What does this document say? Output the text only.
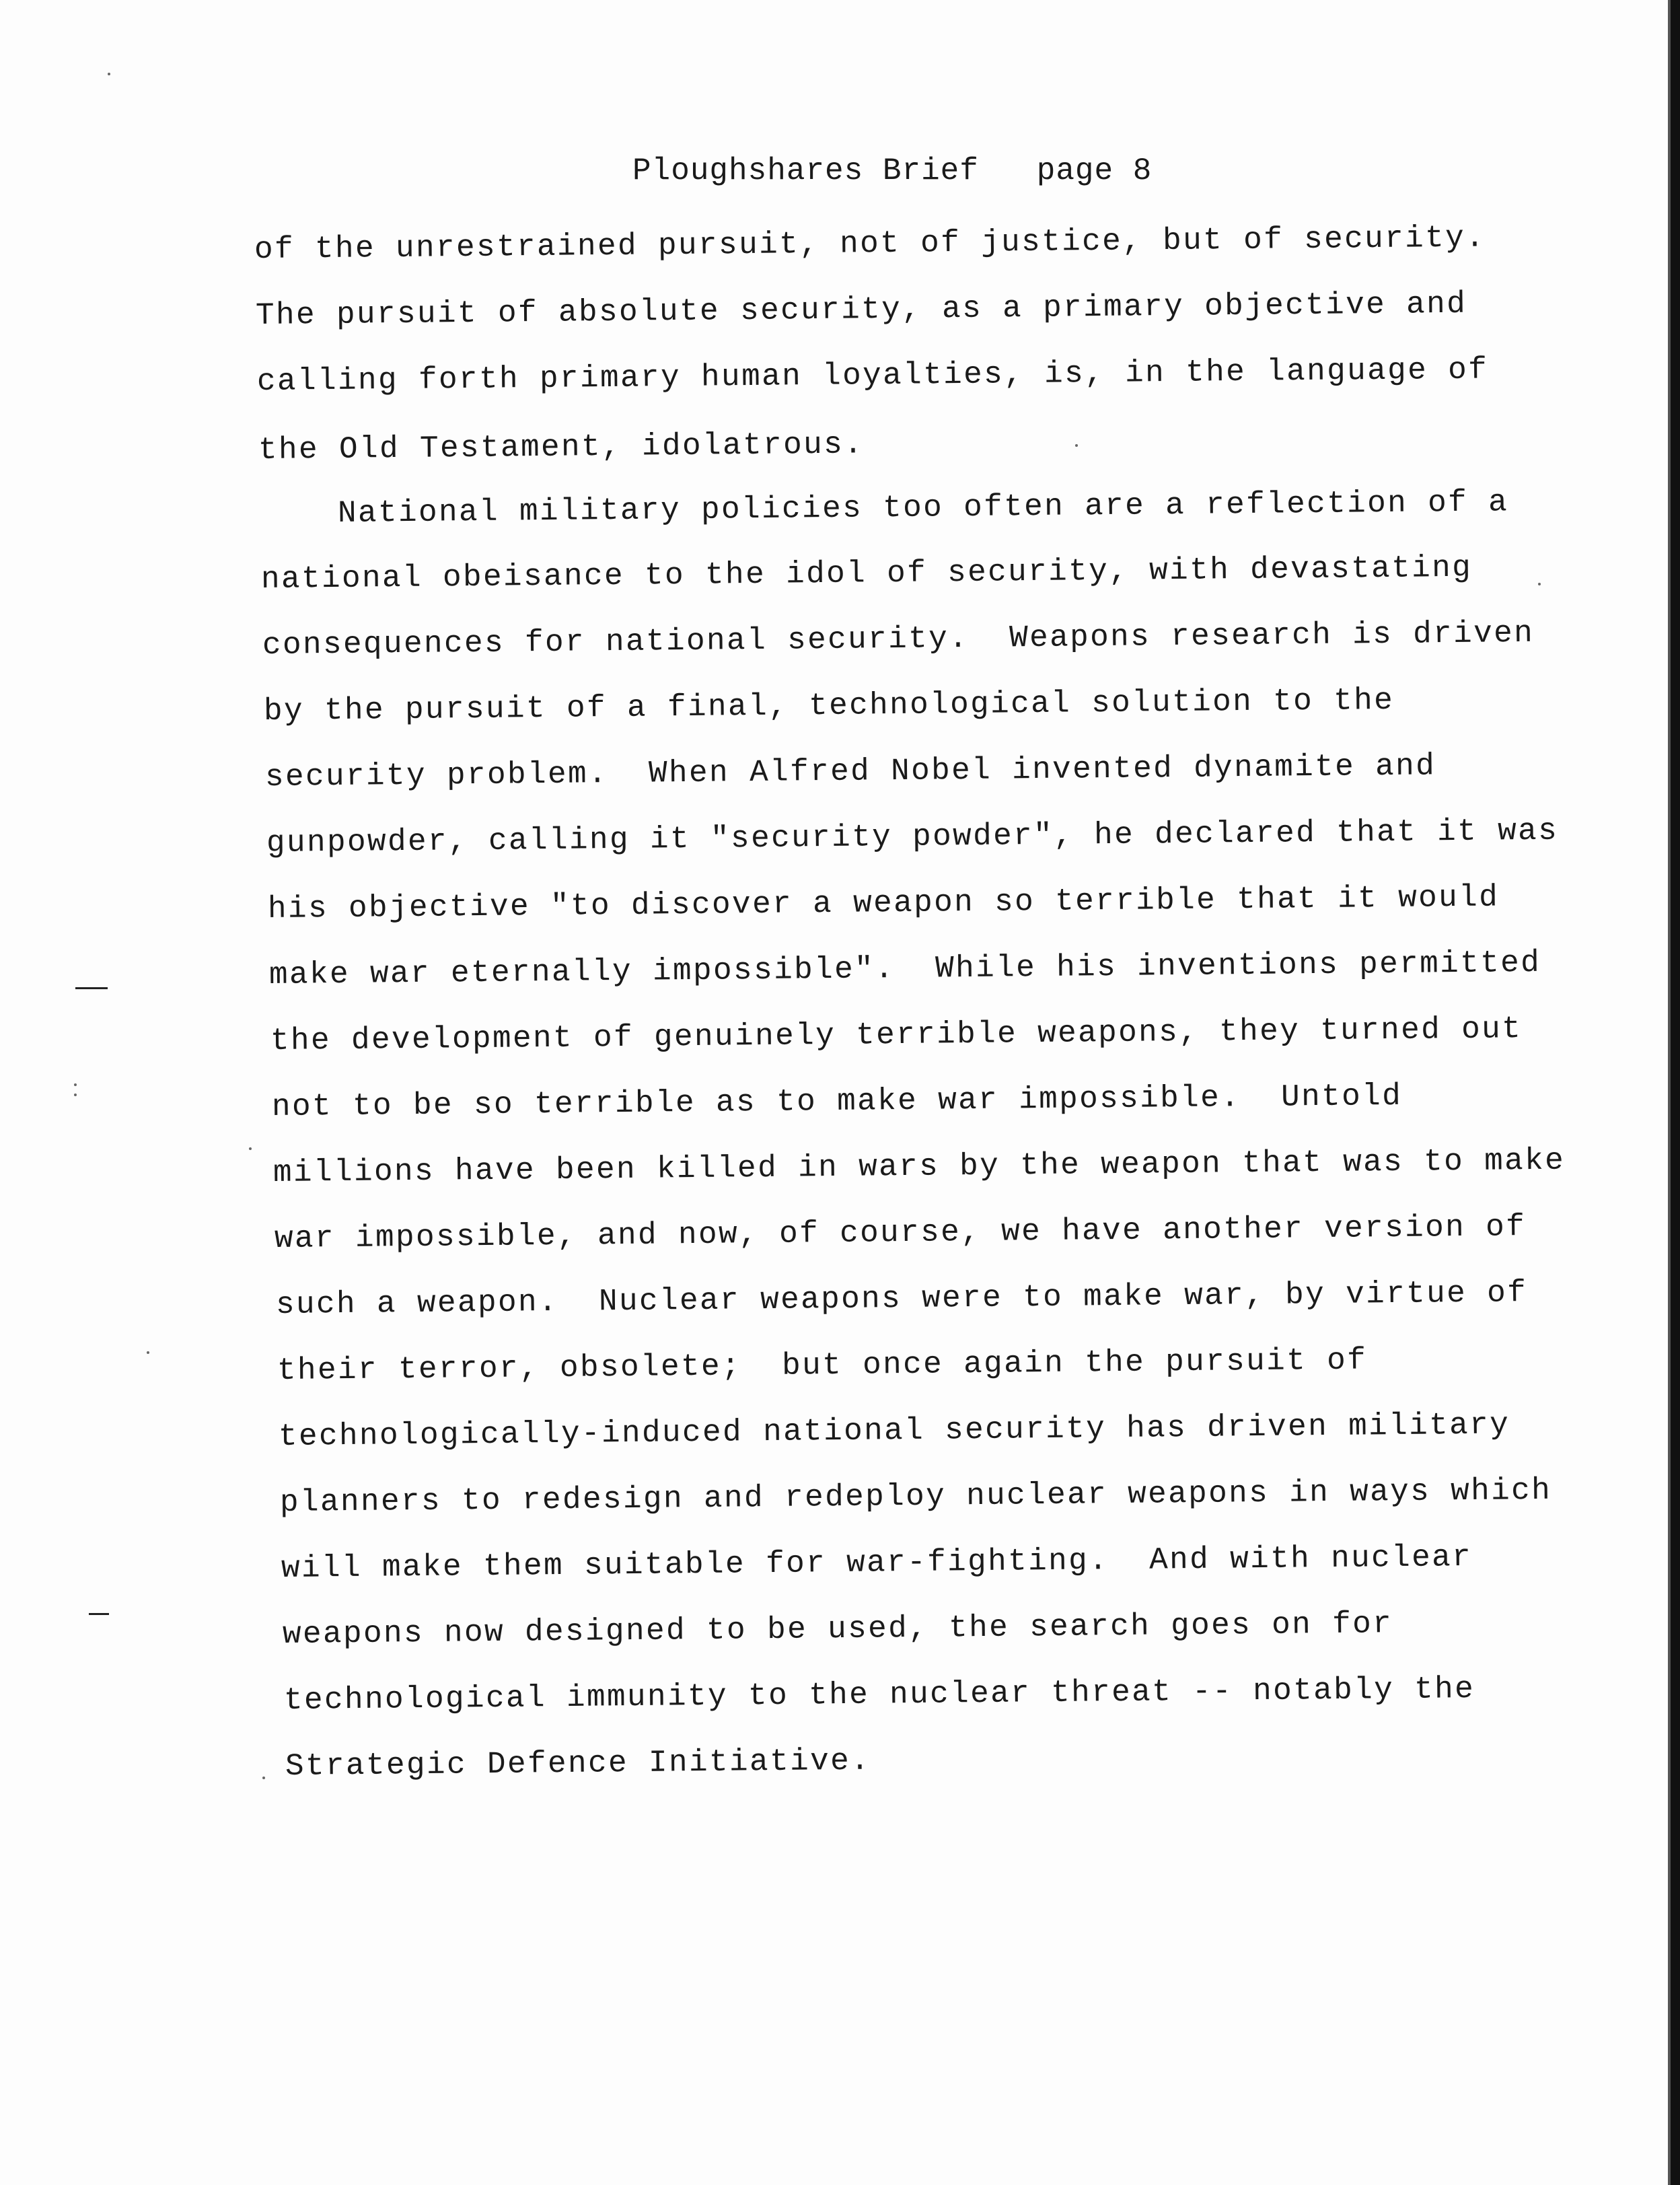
Ploughshares Brief page 8
of the unrestrained pursuit, not of justice, but of security.
The pursuit of absolute security, as a primary objective and
calling forth primary human loyalties, is, in the language of
the Old Testament, idolatrous.
National military policies too often are a reflection of a
national obeisance to the idol of security, with devastating
consequences for national security.  Weapons research is driven
by the pursuit of a final, technological solution to the
security problem.  When Alfred Nobel invented dynamite and
gunpowder, calling it "security powder", he declared that it was
his objective "to discover a weapon so terrible that it would
make war eternally impossible".  While his inventions permitted
the development of genuinely terrible weapons, they turned out
not to be so terrible as to make war impossible.  Untold
millions have been killed in wars by the weapon that was to make
war impossible, and now, of course, we have another version of
such a weapon.  Nuclear weapons were to make war, by virtue of
their terror, obsolete;  but once again the pursuit of
technologically-induced national security has driven military
planners to redesign and redeploy nuclear weapons in ways which
will make them suitable for war-fighting.  And with nuclear
weapons now designed to be used, the search goes on for
technological immunity to the nuclear threat -- notably the
Strategic Defence Initiative.
